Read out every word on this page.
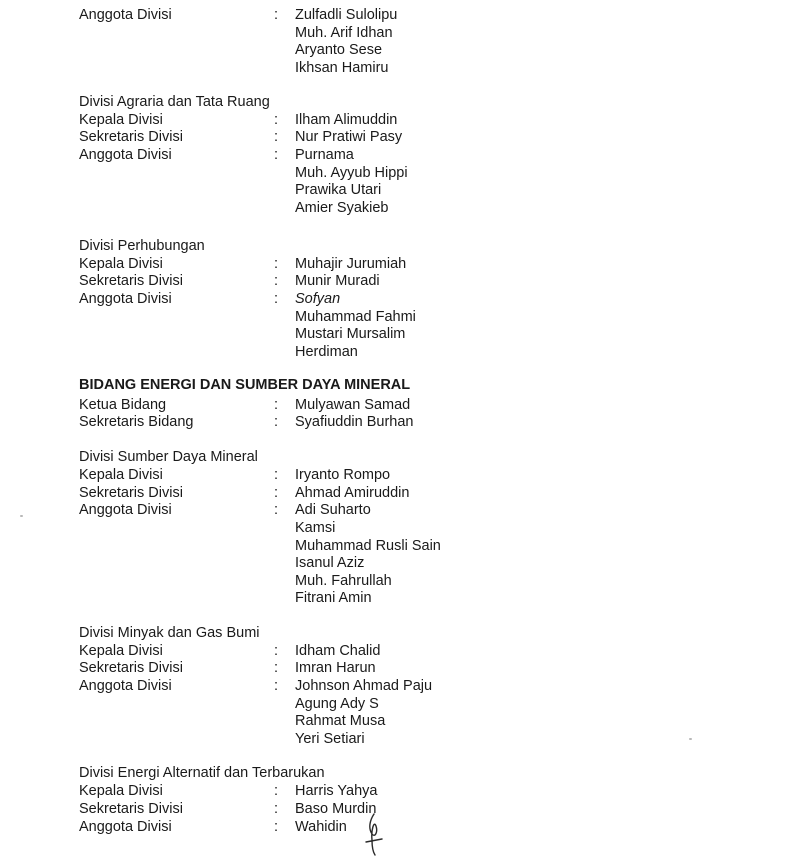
Anggota Divisi	: Zulfadli Sulolipu
Muh. Arif Idhan
Aryanto Sese
Ikhsan Hamiru
Divisi Agraria dan Tata Ruang
Kepala Divisi	: Ilham Alimuddin
Sekretaris Divisi	: Nur Pratiwi Pasy
Anggota Divisi	: Purnama
Muh. Ayyub Hippi
Prawika Utari
Amier Syakieb
Divisi Perhubungan
Kepala Divisi	: Muhajir Jurumiah
Sekretaris Divisi	: Munir Muradi
Anggota Divisi	: Sofyan
Muhammad Fahmi
Mustari Mursalim
Herdiman
BIDANG ENERGI DAN SUMBER DAYA MINERAL
Ketua Bidang	: Mulyawan Samad
Sekretaris Bidang	: Syafiuddin Burhan
Divisi Sumber Daya Mineral
Kepala Divisi	: Iryanto Rompo
Sekretaris Divisi	: Ahmad Amiruddin
Anggota Divisi	: Adi Suharto
Kamsi
Muhammad Rusli Sain
Isanul Aziz
Muh. Fahrullah
Fitrani Amin
Divisi Minyak dan Gas Bumi
Kepala Divisi	: Idham Chalid
Sekretaris Divisi	: Imran Harun
Anggota Divisi	: Johnson Ahmad Paju
Agung Ady S
Rahmat Musa
Yeri Setiari
Divisi Energi Alternatif dan Terbarukan
Kepala Divisi	: Harris Yahya
Sekretaris Divisi	: Baso Murdin
Anggota Divisi	: Wahidin
